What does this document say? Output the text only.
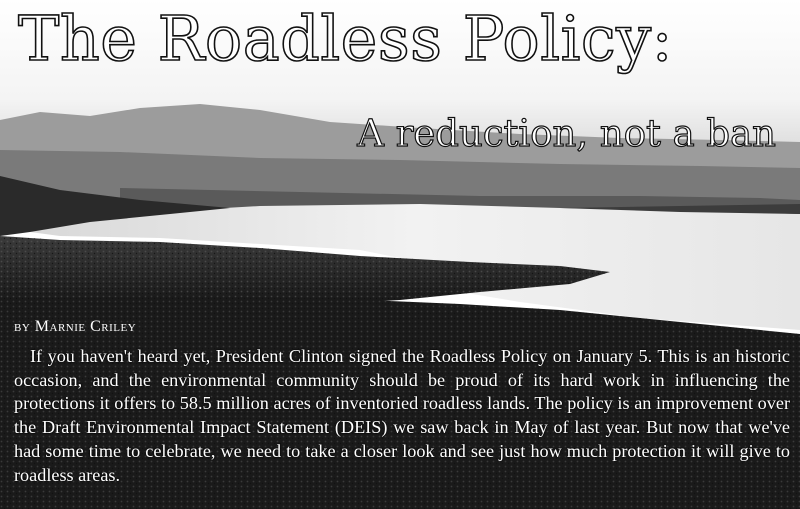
The Roadless Policy:
A reduction, not a ban
by Marnie Criley

If you haven't heard yet, President Clinton signed the Roadless Policy on January 5. This is an historic occasion, and the environmental community should be proud of its hard work in influencing the protections it offers to 58.5 million acres of inventoried roadless lands. The policy is an improvement over the Draft Environmental Impact Statement (DEIS) we saw back in May of last year. But now that we've had some time to celebrate, we need to take a closer look and see just how much protection it will give to roadless areas.
